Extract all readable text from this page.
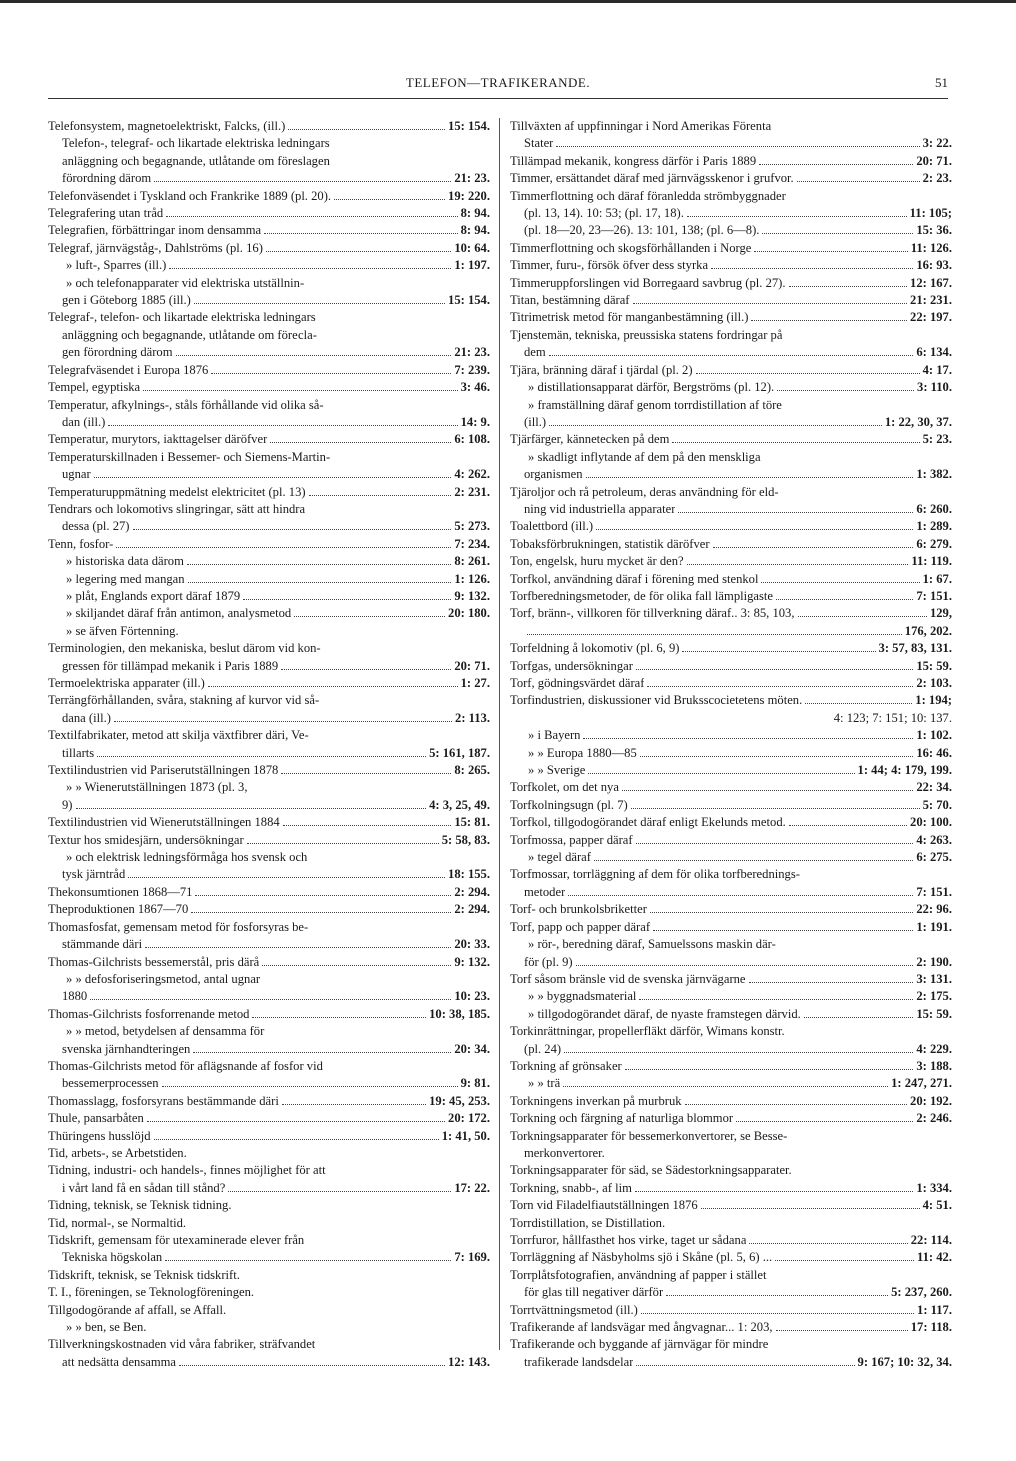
TELEFON—TRAFIKERANDE.	51
Telefonsystem, magnetoelektriskt, Falcks, (ill.)	15: 154.
Telefon-, telegraf- och likartade elektriska ledningars
anläggning och begagnande, utlåtande om föreslagen
förordning därom	21: 23.
Telefonväsendet i Tyskland och Frankrike 1889 (pl. 20).	19: 220.
Telegrafering utan tråd	8: 94.
Telegrafien, förbättringar inom densamma	8: 94.
Telegraf, järnvägståg-, Dahlströms (pl. 16)	10: 64.
» luft-, Sparres (ill.)	1: 197.
» och telefonapparater vid elektriska utställnin-
gen i Göteborg 1885 (ill.)	15: 154.
Telegraf-, telefon- och likartade elektriska ledningars
anläggning och begagnande, utlåtande om förесla-
gen förordning därom	21: 23.
Telegrafväsendet i Europa 1876	7: 239.
Tempel, egyptiska	3: 46.
Temperatur, afkylnings-, ståls förhållande vid olika så-
dan (ill.)	14: 9.
Temperatur, murytors, iakttagelser däröfver	6: 108.
Temperaturskillnaden i Bessemer- och Siemens-Martin-
ugnar	4: 262.
Temperaturuppmätning medelst elektricitet (pl. 13)	2: 231.
Tendrars och lokomotivs slingringar, sätt att hindra
dessa (pl. 27)	5: 273.
Tenn, fosfor-	7: 234.
» historiska data därom	8: 261.
» legering med mangan	1: 126.
» plåt, Englands export däraf 1879	9: 132.
» skiljandet däraf från antimon, analysmetod	20: 180.
» se äfven Förtenning.
Terminologien, den mekaniska, beslut därom vid kon-
gressen för tillämpad mekanik i Paris 1889	20: 71.
Termoelektriska apparater (ill.)	1: 27.
Terrängförhållanden, svåra, stakning af kurvor vid så-
dana (ill.)	2: 113.
Textilfabrikater, metod att skilja växtfibrer däri, Ve-
tillarts	5: 161, 187.
Textilindustrien vid Pariserutställningen 1878	8: 265.
» » Wienerutställningen 1873 (pl. 3,
9)	4: 3, 25, 49.
Textilindustrien vid Wienerutställningen 1884	15: 81.
Textur hos smidesjärn, undersökningar	5: 58, 83.
» och elektrisk ledningsförmåga hos svensk och
tysk järntråd	18: 155.
Thekonsumtionen 1868—71	2: 294.
Theproduktionen 1867—70	2: 294.
Thomasfosfat, gemensam metod för fosforsyras be-
stämmande däri	20: 33.
Thomas-Gilchrists bessemerstål, pris därå	9: 132.
» » defosforiseringsmetod, antal ugnar
1880	10: 23.
Thomas-Gilchrists fosforrenande metod	10: 38, 185.
» » metod, betydelsen af densamma för
svenska järnhandteringen	20: 34.
Thomas-Gilchrists metod för aflägsnande af fosfor vid
bessemerprocessen	9: 81.
Thomasslagg, fosforsyrans bestämmande däri	19: 45, 253.
Thule, pansarbåten	20: 172.
Thüringens husslöjd	1: 41, 50.
Tid, arbets-, se Arbetstiden.
Tidning, industri- och handels-, finnes möjlighet för att
i vårt land få en sådan till stånd?	17: 22.
Tidning, teknisk, se Teknisk tidning.
Tid, normal-, se Normaltid.
Tidskrift, gemensam för utexaminerade elever från
Tekniska högskolan	7: 169.
Tidskrift, teknisk, se Teknisk tidskrift.
T. I., föreningen, se Teknologföreningen.
Tillgodogörande af affall, se Affall.
» » ben, se Ben.
Tillverkningskostnaden vid våra fabriker, sträfvandet
att nedsätta densamma	12: 143.
Tillväxten af uppfinningar i Nord Amerikas Förenta
Stater	3: 22.
Tillämpad mekanik, kongress därför i Paris 1889	20: 71.
Timmer, ersättandet däraf med järnvägsskenor i grufvor.	2: 23.
Timmerflottning och däraf föranledda strömbyggnader
(pl. 13, 14). 10: 53; (pl. 17, 18).	11: 105;
(pl. 18—20, 23—26). 13: 101, 138; (pl. 6—8).	15: 36.
Timmerflottning och skogsförhållanden i Norge	11: 126.
Timmer, furu-, försök öfver dess styrka	16: 93.
Timmeruppforslingen vid Borregaard savbrug (pl. 27).	12: 167.
Titan, bestämning däraf	21: 231.
Titrimetrisk metod för manganbestämning (ill.)	22: 197.
Tjenstemän, tekniska, preussiska statens fordringar på
dem	6: 134.
Tjära, bränning däraf i tjärdal (pl. 2)	4: 17.
» distillationsapparat därför, Bergströms (pl. 12).	3: 110.
» framställning däraf genom torrdistillation af töre
(ill.)	1: 22, 30, 37.
Tjärfärger, kännetecken på dem	5: 23.
» skadligt inflytande af dem på den menskliga
organismen	1: 382.
Tjäroljor och rå petroleum, deras användning för eld-
ning vid industriella apparater	6: 260.
Toalettbord (ill.)	1: 289.
Tobaksförbrukningen, statistik däröfver	6: 279.
Ton, engelsk, huru mycket är den?	11: 119.
Torfkol, användning däraf i förening med stenkol	1: 67.
Torfberedningsmetoder, de för olika fall lämpligaste	7: 151.
Torf, bränn-, villkoren för tillverkning däraf.. 3: 85, 103,	129,
176, 202.
Torfeldning å lokomotiv (pl. 6, 9)	3: 57, 83, 131.
Torfgas, undersökningar	15: 59.
Torf, gödningsvärdet däraf	2: 103.
Torfindustrien, diskussioner vid Bruksscocietetens möten.	1: 194;
4: 123; 7: 151; 10: 137.
» i Bayern	1: 102.
» » Europa 1880—85	16: 46.
» » Sverige	1: 44; 4: 179, 199.
Torfkolet, om det nya	22: 34.
Torfkolningsugn (pl. 7)	5: 70.
Torfkol, tillgodogörandet däraf enligt Ekelunds metod.	20: 100.
Torfmossa, papper däraf	4: 263.
» tegel däraf	6: 275.
Torfmossar, torrläggning af dem för olika torfberednings-
metoder	7: 151.
Torf- och brunkolsbriketter	22: 96.
Torf, papp och papper däraf	1: 191.
» rör-, beredning däraf, Samuelssons maskin där-
för (pl. 9)	2: 190.
Torf såsom bränsle vid de svenska järnvägarne	3: 131.
» » byggnadsmaterial	2: 175.
» tillgodogörandet däraf, de nyaste framstegen därvid.	15: 59.
Torkinrättningar, propellerfläkt därför, Wimans konstr.
(pl. 24)	4: 229.
Torkning af grönsaker	3: 188.
» » trä	1: 247, 271.
Torkningens inverkan på murbruk	20: 192.
Torkning och färgning af naturliga blommor	2: 246.
Torkningsapparater för bessemerkonvertorer, se Besse-
merkonvertorer.
Torkningsapparater för säd, se Sädestorkningsapparater.
Torkning, snabb-, af lim	1: 334.
Torn vid Filadelfiautställningen 1876	4: 51.
Torrdistillation, se Distillation.
Torrfuror, hållfasthet hos virke, taget ur sådana	22: 114.
Torrläggning af Näsbyholms sjö i Skåne (pl. 5, 6) ...	11: 42.
Torrplåtsfotografien, användning af papper i stället
för glas till negativer därför	5: 237, 260.
Torrtvättningsmetod (ill.)	1: 117.
Trafikerande af landsvägar med ångvagnar... 1: 203,	17: 118.
Trafikerande och byggande af järnvägar för mindre
trafikerade landsdelar	9: 167; 10: 32, 34.
